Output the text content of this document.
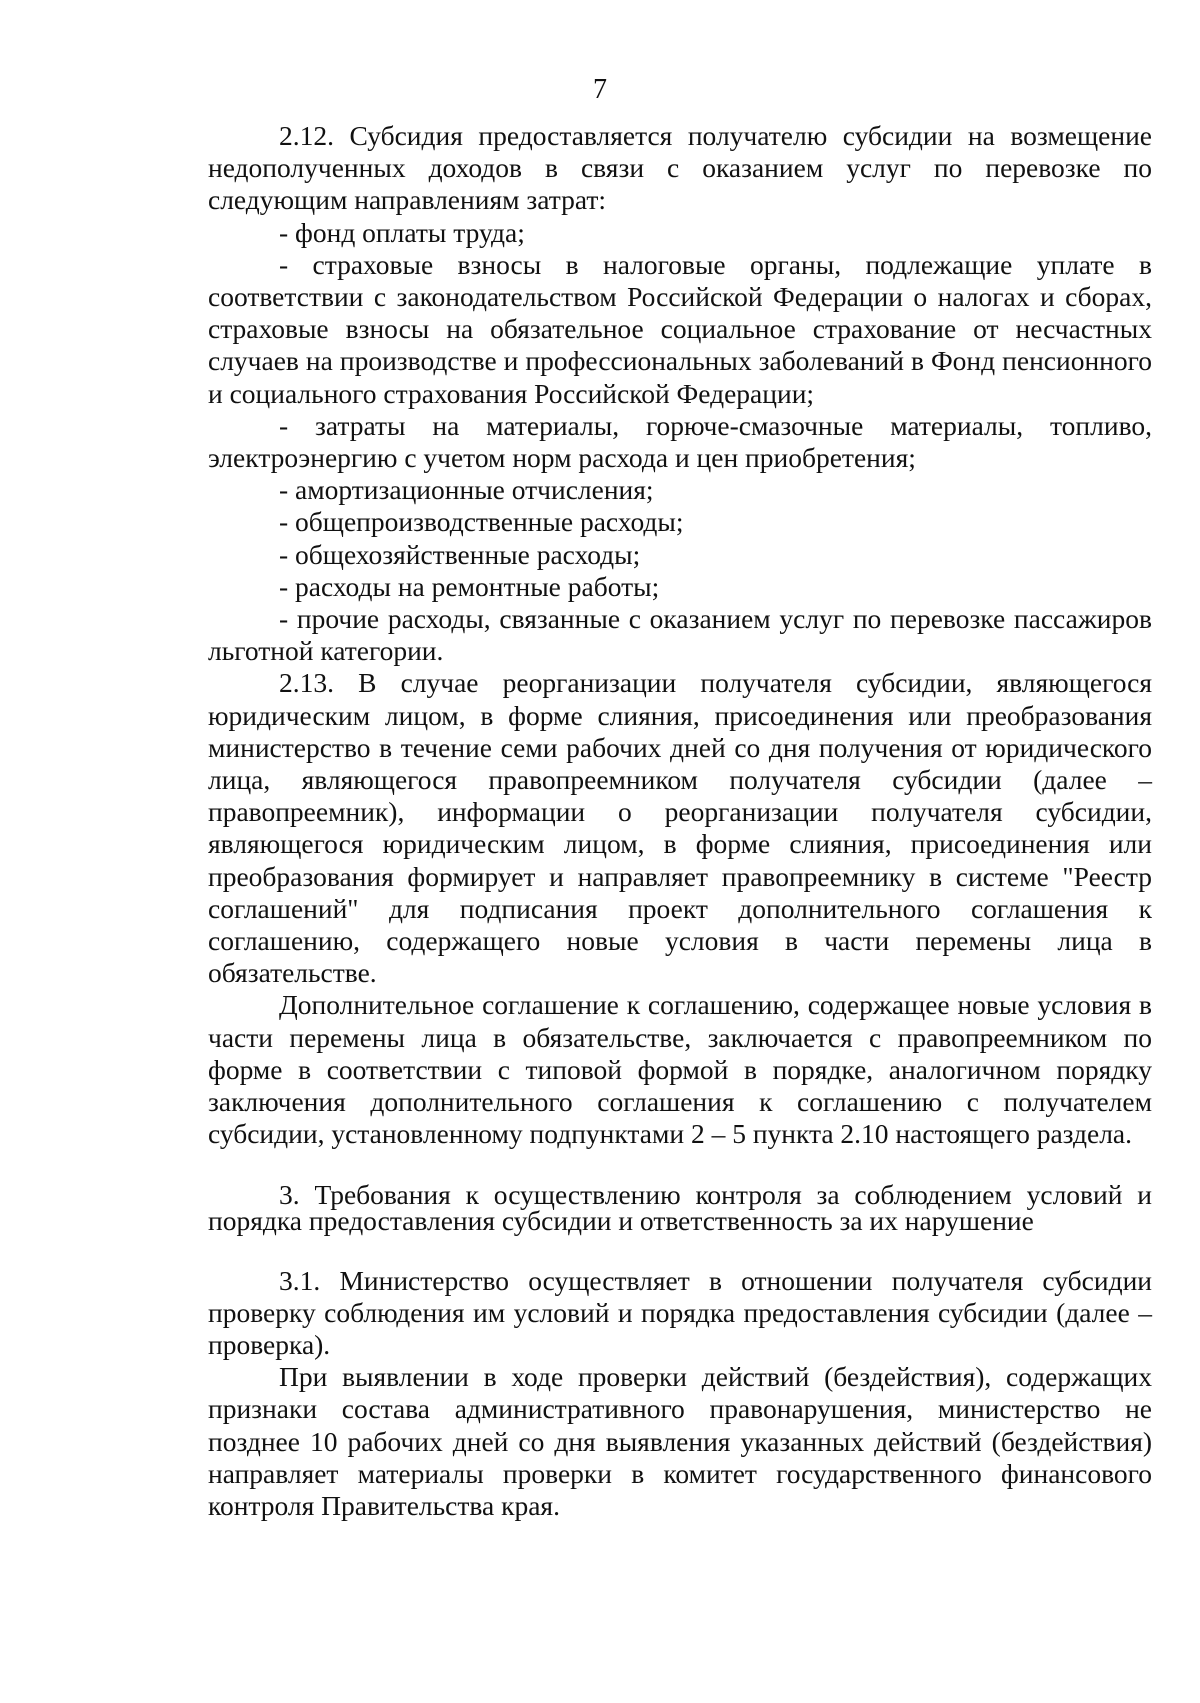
7

2.12. Субсидия предоставляется получателю субсидии на возмещение недополученных доходов в связи с оказанием услуг по перевозке по следующим направлениям затрат:

- фонд оплаты труда;

- страховые взносы в налоговые органы, подлежащие уплате в соответствии с законодательством Российской Федерации о налогах и сборах, страховые взносы на обязательное социальное страхование от несчастных случаев на производстве и профессиональных заболеваний в Фонд пенсионного и социального страхования Российской Федерации;

- затраты на материалы, горюче-смазочные материалы, топливо, электроэнергию с учетом норм расхода и цен приобретения;

- амортизационные отчисления;

- общепроизводственные расходы;

- общехозяйственные расходы;

- расходы на ремонтные работы;

- прочие расходы, связанные с оказанием услуг по перевозке пассажиров льготной категории.

2.13. В случае реорганизации получателя субсидии, являющегося юридическим лицом, в форме слияния, присоединения или преобразования министерство в течение семи рабочих дней со дня получения от юридического лица, являющегося правопреемником получателя субсидии (далее – правопреемник), информации о реорганизации получателя субсидии, являющегося юридическим лицом, в форме слияния, присоединения или преобразования формирует и направляет правопреемнику в системе "Реестр соглашений" для подписания проект дополнительного соглашения к соглашению, содержащего новые условия в части перемены лица в обязательстве.

Дополнительное соглашение к соглашению, содержащее новые условия в части перемены лица в обязательстве, заключается с правопреемником по форме в соответствии с типовой формой в порядке, аналогичном порядку заключения дополнительного соглашения к соглашению с получателем субсидии, установленному подпунктами 2 – 5 пункта 2.10 настоящего раздела.

3. Требования к осуществлению контроля за соблюдением условий и порядка предоставления субсидии и ответственность за их нарушение

3.1. Министерство осуществляет в отношении получателя субсидии проверку соблюдения им условий и порядка предоставления субсидии (далее – проверка).

При выявлении в ходе проверки действий (бездействия), содержащих признаки состава административного правонарушения, министерство не позднее 10 рабочих дней со дня выявления указанных действий (бездействия) направляет материалы проверки в комитет государственного финансового контроля Правительства края.
